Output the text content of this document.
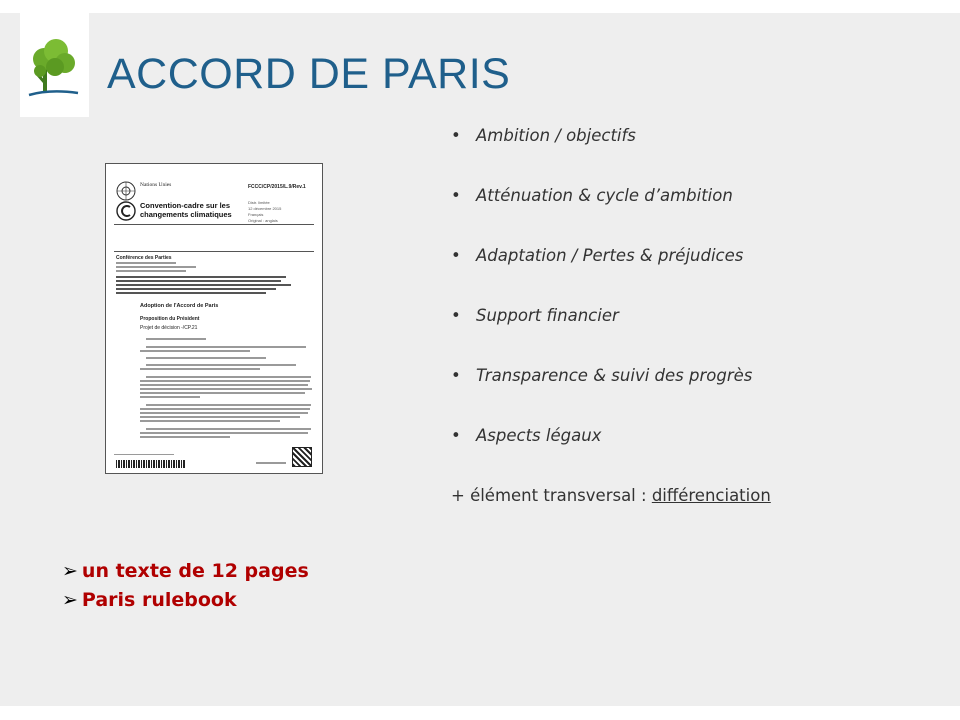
ACCORD DE PARIS
Nations Unies
Convention-cadre sur les
changements climatiques
FCCC/CP/2015/L.9/Rev.1
Distr. limitée
12 décembre 2015
Français
Original : anglais
Conférence des Parties
Adoption de l'Accord de Paris
Proposition du Président
Projet de décision -/CP.21
• Ambition / objectifs
• Atténuation & cycle d’ambition
• Adaptation / Pertes & préjudices
• Support financier
• Transparence & suivi des progrès
• Aspects légaux
+ élément transversal : différenciation
➢ un texte de 12 pages
➢ Paris rulebook
